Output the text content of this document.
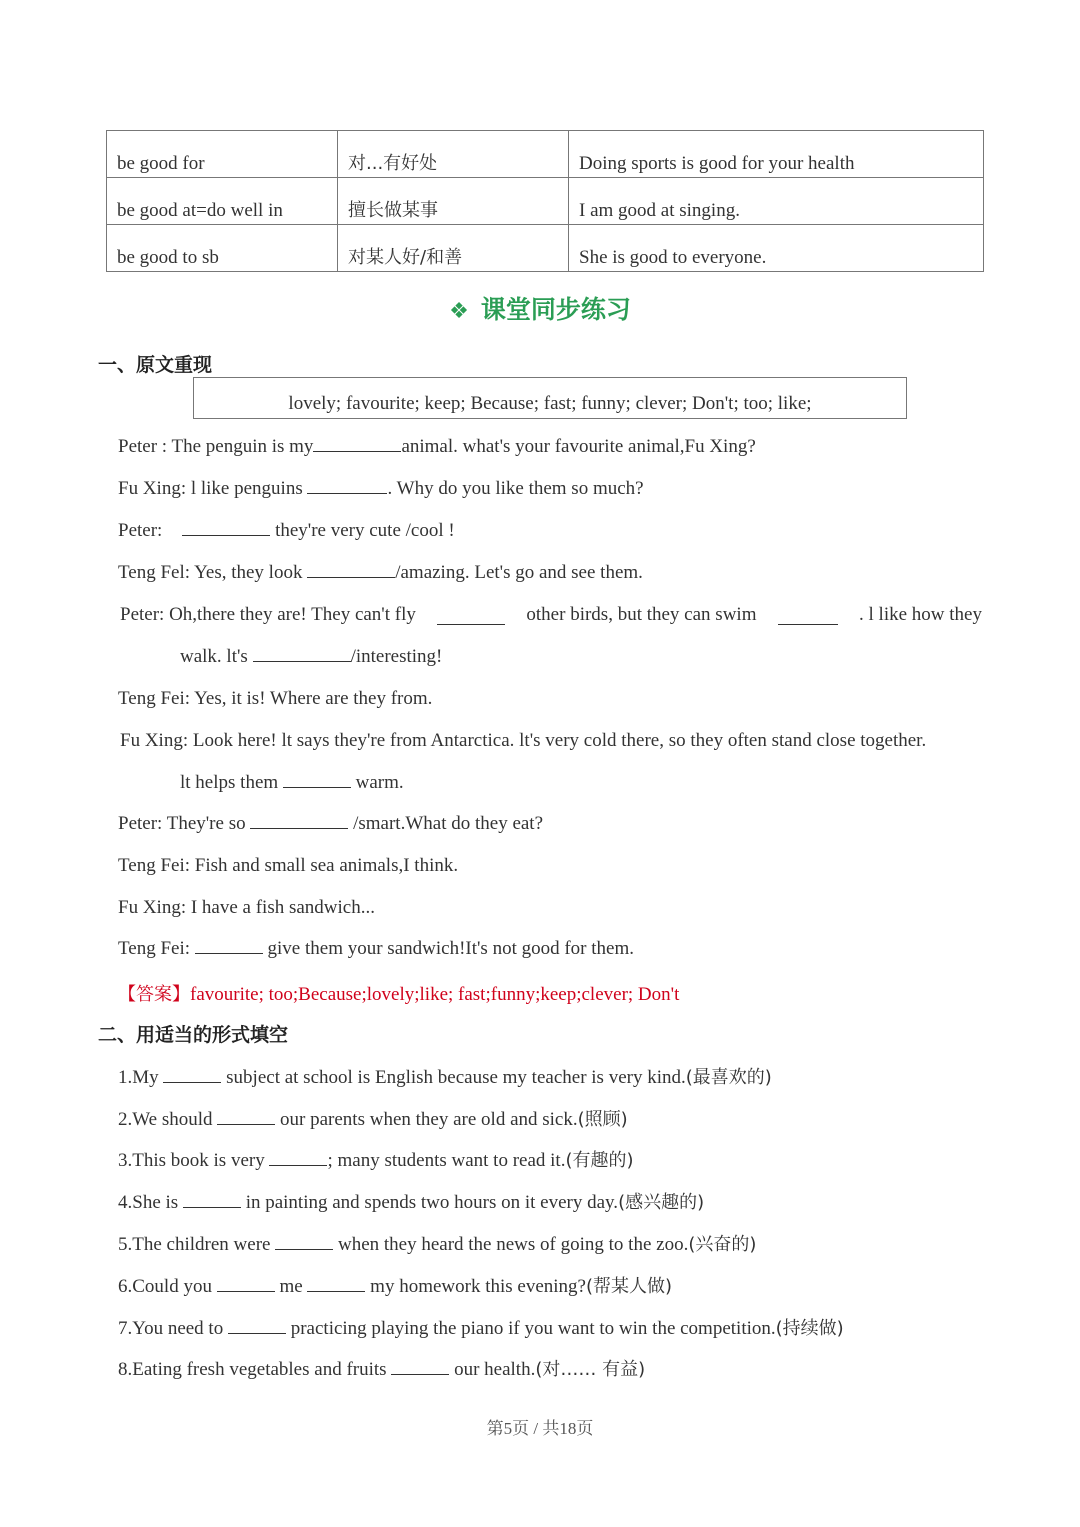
be good for	对...有好处	Doing sports is good for your health
be good at=do well in	擅长做某事	I am good at singing.
be good to sb	对某人好/和善	She is good to everyone.
❖ 课堂同步练习
一、原文重现
lovely; favourite; keep; Because; fast; funny; clever; Don't; too; like;
Peter : The penguin is my	animal. what's your favourite animal,Fu Xing?
Fu Xing: l like penguins	. Why do you like them so much?
Peter:	they're very cute /cool !
Teng Fel: Yes, they look	/amazing. Let's go and see them.
Peter: Oh,there they are! They can't fly	other birds, but they can swim	. l like how they
walk. lt's	/interesting!
Teng Fei: Yes, it is! Where are they from.
Fu Xing: Look here! lt says they're from Antarctica. lt's very cold there, so they often stand close together.
lt helps them	warm.
Peter: They're so	/smart.What do they eat?
Teng Fei: Fish and small sea animals,I think.
Fu Xing: I have a fish sandwich...
Teng Fei:	give them your sandwich!It's not good for them.
【答案】favourite; too;Because;lovely;like; fast;funny;keep;clever; Don't
二、用适当的形式填空
1.My	subject at school is English because my teacher is very kind.(最喜欢的)
2.We should	our parents when they are old and sick.(照顾)
3.This book is very	; many students want to read it.(有趣的)
4.She is	in painting and spends two hours on it every day.(感兴趣的)
5.The children were	when they heard the news of going to the zoo.(兴奋的)
6.Could you	me	my homework this evening?(帮某人做)
7.You need to	practicing playing the piano if you want to win the competition.(持续做)
8.Eating fresh vegetables and fruits	our health.(对…… 有益)
第5页 / 共18页
